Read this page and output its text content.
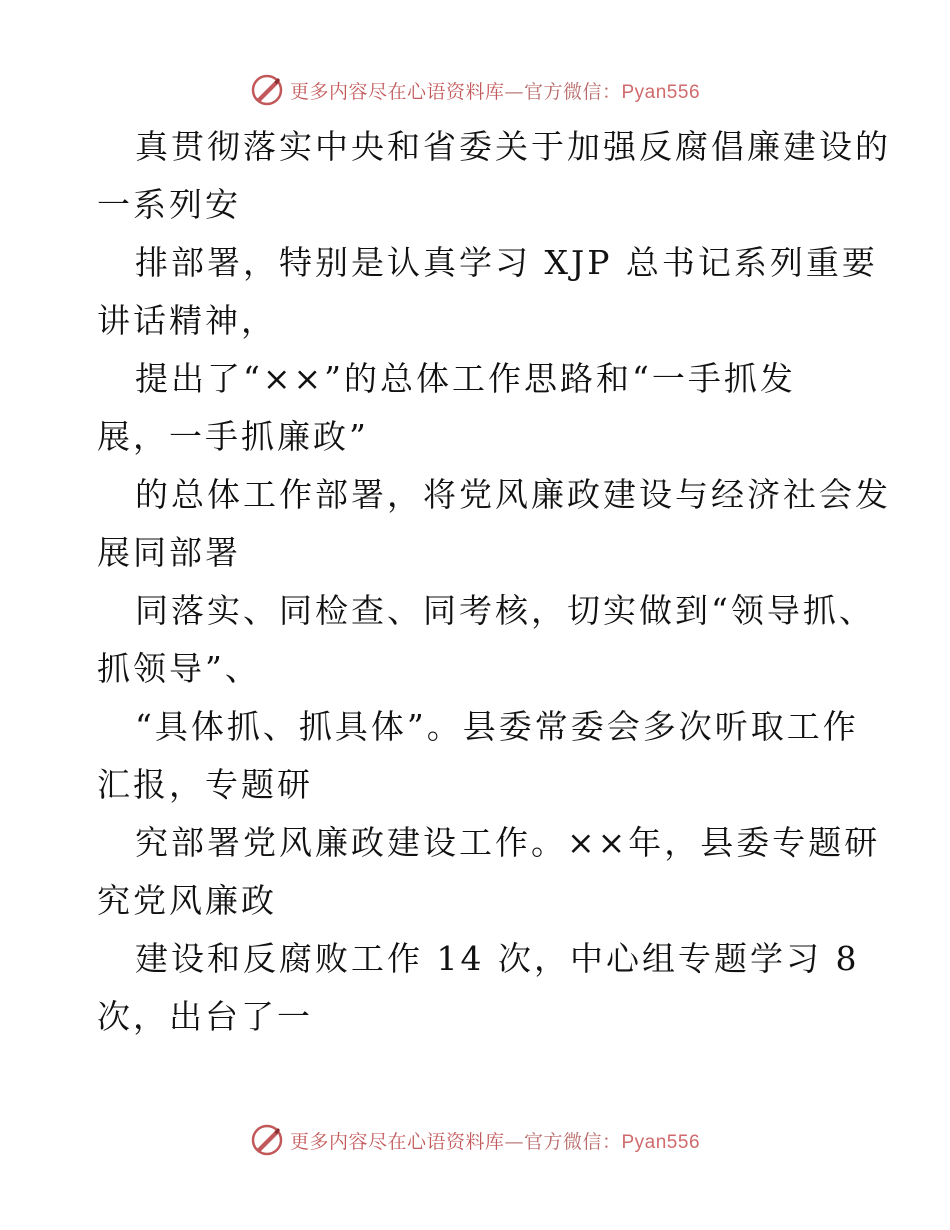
更多内容尽在心语资料库—官方微信：Pyan556
真贯彻落实中央和省委关于加强反腐倡廉建设的
一系列安
排部署，特别是认真学习 XJP 总书记系列重要
讲话精神，
提出了“××”的总体工作思路和“一手抓发
展，一手抓廉政”
的总体工作部署，将党风廉政建设与经济社会发
展同部署
同落实、同检查、同考核，切实做到“领导抓、
抓领导”、
“具体抓、抓具体”。县委常委会多次听取工作
汇报，专题研
究部署党风廉政建设工作。××年，县委专题研
究党风廉政
建设和反腐败工作 14 次，中心组专题学习 8
次，出台了一
更多内容尽在心语资料库—官方微信：Pyan556
